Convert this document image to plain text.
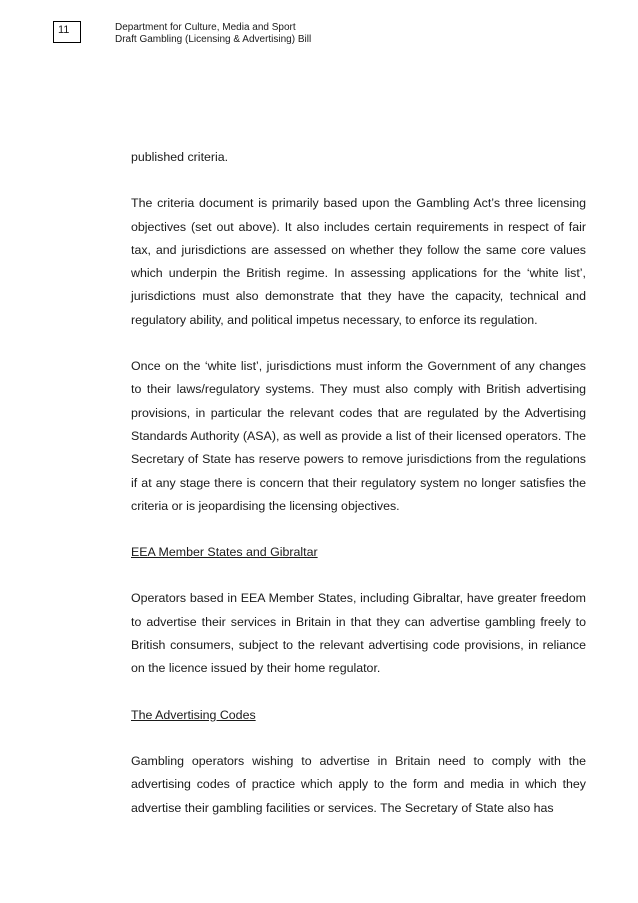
11	Department for Culture, Media and Sport
Draft Gambling (Licensing & Advertising) Bill

published criteria.

The criteria document is primarily based upon the Gambling Act’s three licensing objectives (set out above). It also includes certain requirements in respect of fair tax, and jurisdictions are assessed on whether they follow the same core values which underpin the British regime. In assessing applications for the ‘white list’, jurisdictions must also demonstrate that they have the capacity, technical and regulatory ability, and political impetus necessary, to enforce its regulation.

Once on the ‘white list’, jurisdictions must inform the Government of any changes to their laws/regulatory systems. They must also comply with British advertising provisions, in particular the relevant codes that are regulated by the Advertising Standards Authority (ASA), as well as provide a list of their licensed operators. The Secretary of State has reserve powers to remove jurisdictions from the regulations if at any stage there is concern that their regulatory system no longer satisfies the criteria or is jeopardising the licensing objectives.

EEA Member States and Gibraltar

Operators based in EEA Member States, including Gibraltar, have greater freedom to advertise their services in Britain in that they can advertise gambling freely to British consumers, subject to the relevant advertising code provisions, in reliance on the licence issued by their home regulator.

The Advertising Codes

Gambling operators wishing to advertise in Britain need to comply with the advertising codes of practice which apply to the form and media in which they advertise their gambling facilities or services. The Secretary of State also has
